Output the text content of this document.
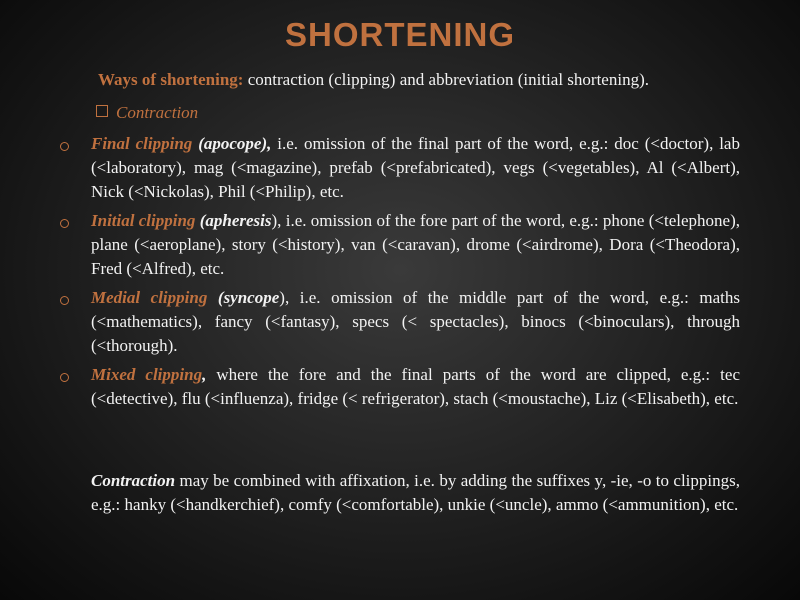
SHORTENING
Ways of shortening: contraction (clipping) and abbreviation (initial shortening).
Contraction
Final clipping (apocope), i.e. omission of the final part of the word, e.g.: doc (<doctor), lab (<laboratory), mag (<magazine), prefab (<prefabricated), vegs (<vegetables), Al (<Albert), Nick (<Nickolas), Phil (<Philip), etc.
Initial clipping (apheresis), i.e. omission of the fore part of the word, e.g.: phone (<telephone), plane (<aeroplane), story (<history), van (<caravan), drome (<airdrome), Dora (<Theodora), Fred (<Alfred), etc.
Medial clipping (syncope), i.e. omission of the middle part of the word, e.g.: maths (<mathematics), fancy (<fantasy), specs (< spectacles), binocs (<binoculars), through (<thorough).
Mixed clipping, where the fore and the final parts of the word are clipped, e.g.: tec (<detective), flu (<influenza), fridge (< refrigerator), stach (<moustache), Liz (<Elisabeth), etc.
Contraction may be combined with affixation, i.e. by adding the suffixes y, -ie, -o to clippings, e.g.: hanky (<handkerchief), comfy (<comfortable), unkie (<uncle), ammo (<ammunition), etc.
